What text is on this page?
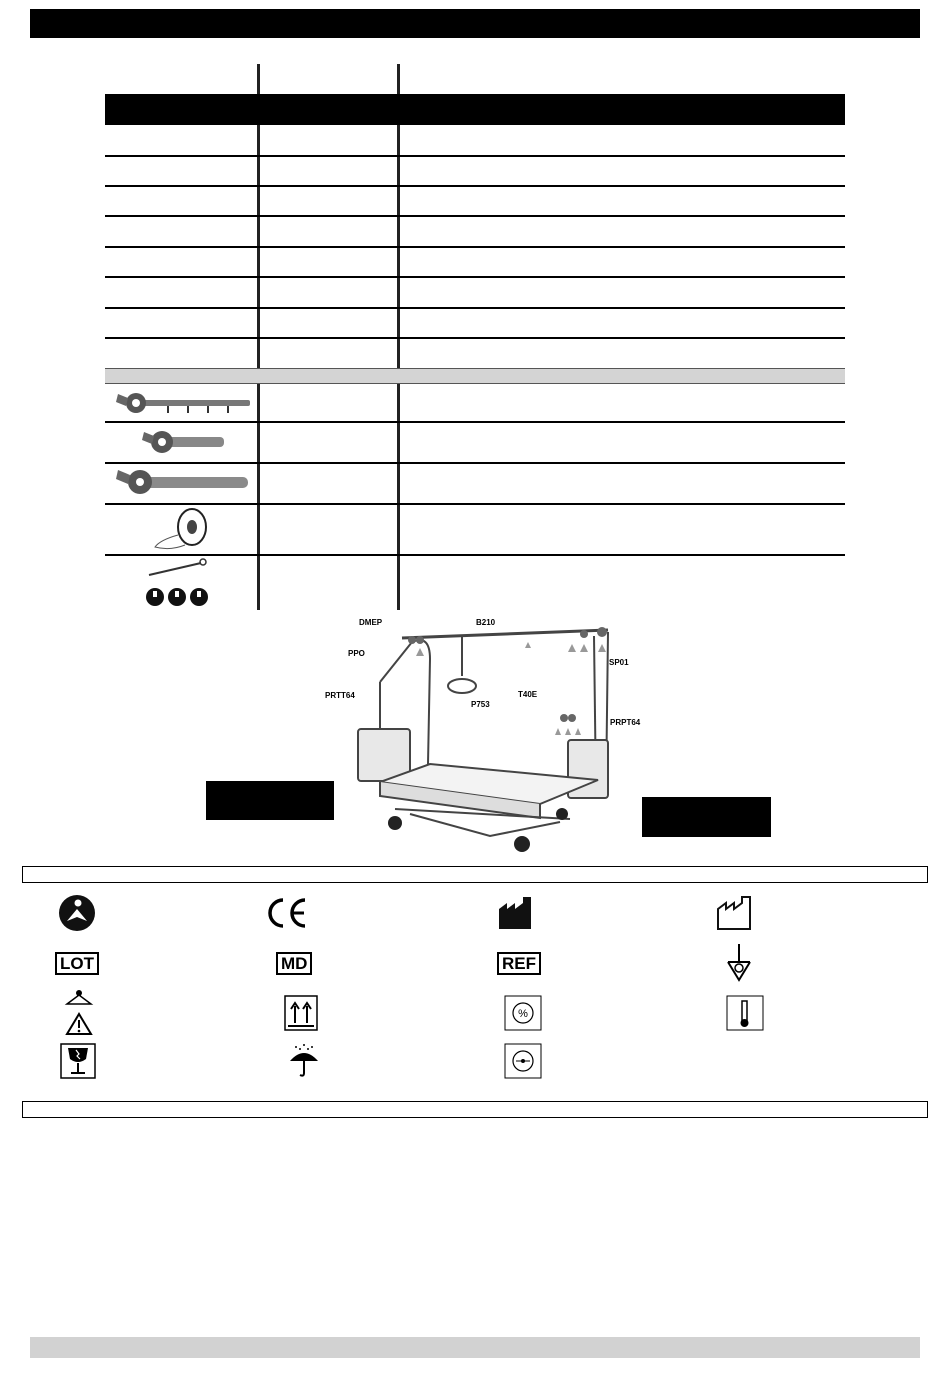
DMEP	B210
PPO
SP01
PRTT64	T40E
P753
PRPT64
LOT	MD	REF
%
